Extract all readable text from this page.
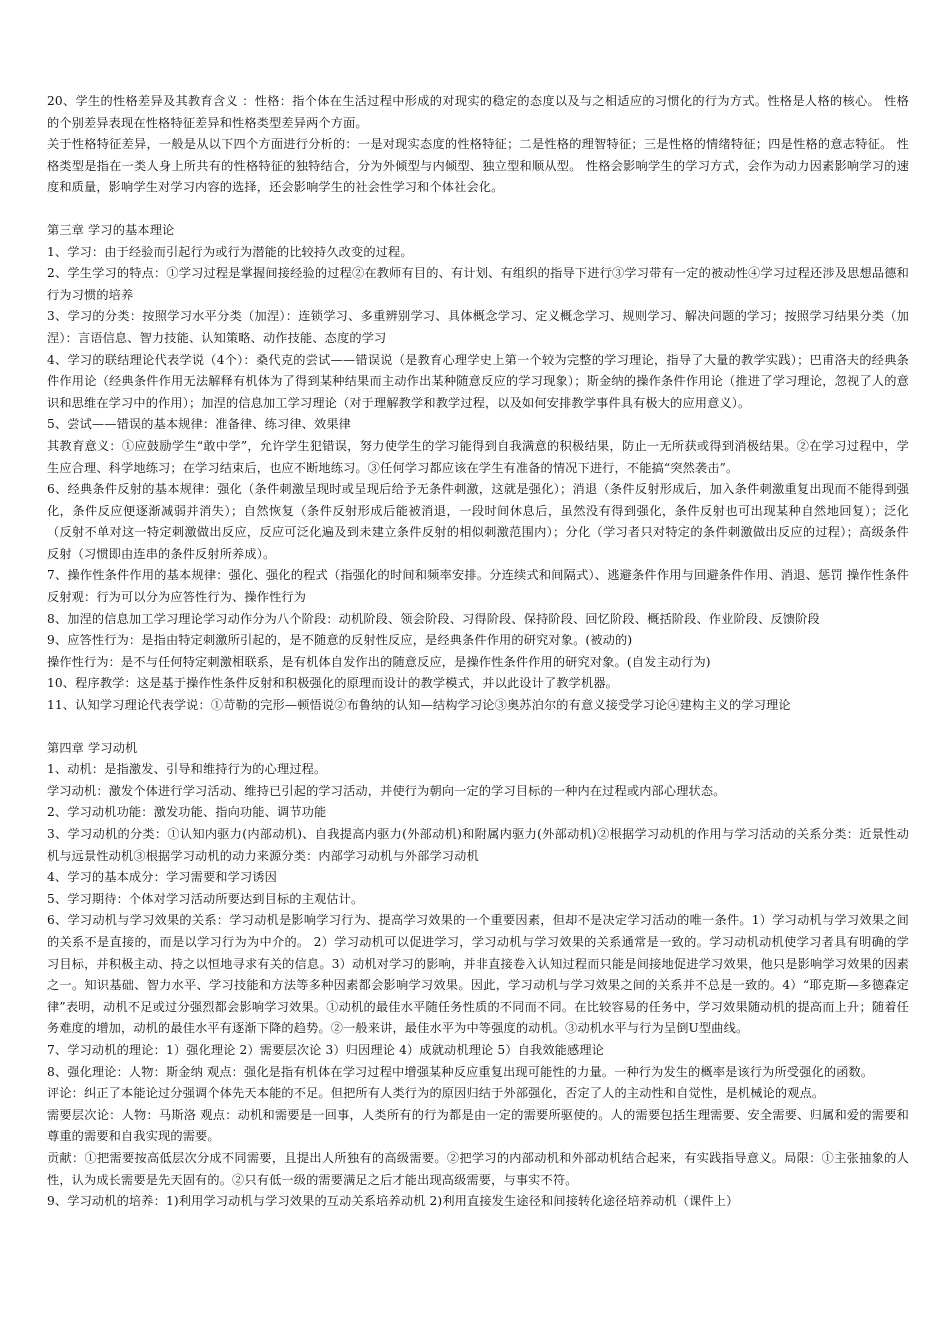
20、学生的性格差异及其教育含义 ：性格：指个体在生活过程中形成的对现实的稳定的态度以及与之相适应的习惯化的行为方式。性格是人格的核心。 性格的个别差异表现在性格特征差异和性格类型差异两个方面。

关于性格特征差异，一般是从以下四个方面进行分析的：一是对现实态度的性格特征；二是性格的理智特征；三是性格的情绪特征；四是性格的意志特征。 性格类型是指在一类人身上所共有的性格特征的独特结合，分为外倾型与内倾型、独立型和顺从型。 性格会影响学生的学习方式，会作为动力因素影响学习的速度和质量，影响学生对学习内容的选择，还会影响学生的社会性学习和个体社会化。

第三章 学习的基本理论

1、学习：由于经验而引起行为或行为潜能的比较持久改变的过程。

2、学生学习的特点：①学习过程是掌握间接经验的过程②在教师有目的、有计划、有组织的指导下进行③学习带有一定的被动性④学习过程还涉及思想品德和行为习惯的培养

3、学习的分类：按照学习水平分类（加涅）：连锁学习、多重辨别学习、具体概念学习、定义概念学习、规则学习、解决问题的学习；按照学习结果分类（加涅）：言语信息、智力技能、认知策略、动作技能、态度的学习

4、学习的联结理论代表学说（4个）：桑代克的尝试——错误说（是教育心理学史上第一个较为完整的学习理论，指导了大量的教学实践）；巴甫洛夫的经典条件作用论（经典条件作用无法解释有机体为了得到某种结果而主动作出某种随意反应的学习现象）；斯金纳的操作条件作用论（推进了学习理论，忽视了人的意识和思维在学习中的作用）；加涅的信息加工学习理论（对于理解教学和教学过程，以及如何安排教学事件具有极大的应用意义）。

5、尝试——错误的基本规律：准备律、练习律、效果律

其教育意义：①应鼓励学生“敢中学”，允许学生犯错误，努力使学生的学习能得到自我满意的积极结果，防止一无所获或得到消极结果。②在学习过程中，学生应合理、科学地练习；在学习结束后，也应不断地练习。③任何学习都应该在学生有准备的情况下进行，不能搞“突然袭击”。

6、经典条件反射的基本规律：强化（条件刺激呈现时或呈现后给予无条件刺激，这就是强化）；消退（条件反射形成后，加入条件刺激重复出现而不能得到强化，条件反应便逐渐减弱并消失）；自然恢复（条件反射形成后能被消退，一段时间休息后，虽然没有得到强化，条件反射也可出现某种自然地回复）；泛化（反射不单对这一特定刺激做出反应，反应可泛化遍及到未建立条件反射的相似刺激范围内）；分化（学习者只对特定的条件刺激做出反应的过程）；高级条件反射（习惯即由连串的条件反射所养成）。

7、操作性条件作用的基本规律：强化、强化的程式（指强化的时间和频率安排。分连续式和间隔式）、逃避条件作用与回避条件作用、消退、惩罚 操作性条件反射观：行为可以分为应答性行为、操作性行为

8、加涅的信息加工学习理论学习动作分为八个阶段：动机阶段、领会阶段、习得阶段、保持阶段、回忆阶段、概括阶段、作业阶段、反馈阶段

9、应答性行为：是指由特定刺激所引起的，是不随意的反射性反应，是经典条件作用的研究对象。(被动的)

操作性行为：是不与任何特定刺激相联系，是有机体自发作出的随意反应，是操作性条件作用的研究对象。(自发主动行为)

10、程序教学：这是基于操作性条件反射和积极强化的原理而设计的教学模式，并以此设计了教学机器。

11、认知学习理论代表学说：①苛勒的完形—顿悟说②布鲁纳的认知—结构学习论③奥苏泊尔的有意义接受学习论④建构主义的学习理论

第四章 学习动机

1、动机：是指激发、引导和维持行为的心理过程。

学习动机：激发个体进行学习活动、维持已引起的学习活动，并使行为朝向一定的学习目标的一种内在过程或内部心理状态。

2、学习动机功能：激发功能、指向功能、调节功能

3、学习动机的分类：①认知内驱力(内部动机)、自我提高内驱力(外部动机)和附属内驱力(外部动机)②根据学习动机的作用与学习活动的关系分类：近景性动机与远景性动机③根据学习动机的动力来源分类：内部学习动机与外部学习动机

4、学习的基本成分：学习需要和学习诱因

5、学习期待：个体对学习活动所要达到目标的主观估计。

6、学习动机与学习效果的关系：学习动机是影响学习行为、提高学习效果的一个重要因素，但却不是决定学习活动的唯一条件。1）学习动机与学习效果之间的关系不是直接的，而是以学习行为为中介的。 2）学习动机可以促进学习，学习动机与学习效果的关系通常是一致的。学习动机动机使学习者具有明确的学习目标，并积极主动、持之以恒地寻求有关的信息。3）动机对学习的影响，并非直接卷入认知过程而只能是间接地促进学习效果，他只是影响学习效果的因素之一。知识基础、智力水平、学习技能和方法等多种因素都会影响学习效果。因此，学习动机与学习效果之间的关系并不总是一致的。4）“耶克斯—多德森定律”表明，动机不足或过分强烈都会影响学习效果。①动机的最佳水平随任务性质的不同而不同。在比较容易的任务中，学习效果随动机的提高而上升；随着任务难度的增加，动机的最佳水平有逐渐下降的趋势。②一般来讲，最佳水平为中等强度的动机。③动机水平与行为呈倒U型曲线。

7、学习动机的理论：1）强化理论 2）需要层次论 3）归因理论 4）成就动机理论 5）自我效能感理论

8、强化理论：人物：斯金纳 观点：强化是指有机体在学习过程中增强某种反应重复出现可能性的力量。一种行为发生的概率是该行为所受强化的函数。

评论：纠正了本能论过分强调个体先天本能的不足。但把所有人类行为的原因归结于外部强化，否定了人的主动性和自觉性，是机械论的观点。

需要层次论：人物：马斯洛 观点：动机和需要是一回事，人类所有的行为都是由一定的需要所驱使的。人的需要包括生理需要、安全需要、归属和爱的需要和尊重的需要和自我实现的需要。

贡献：①把需要按高低层次分成不同需要，且提出人所独有的高级需要。②把学习的内部动机和外部动机结合起来，有实践指导意义。局限：①主张抽象的人性，认为成长需要是先天固有的。②只有低一级的需要满足之后才能出现高级需要，与事实不符。

9、学习动机的培养：1)利用学习动机与学习效果的互动关系培养动机 2)利用直接发生途径和间接转化途径培养动机（课件上）
